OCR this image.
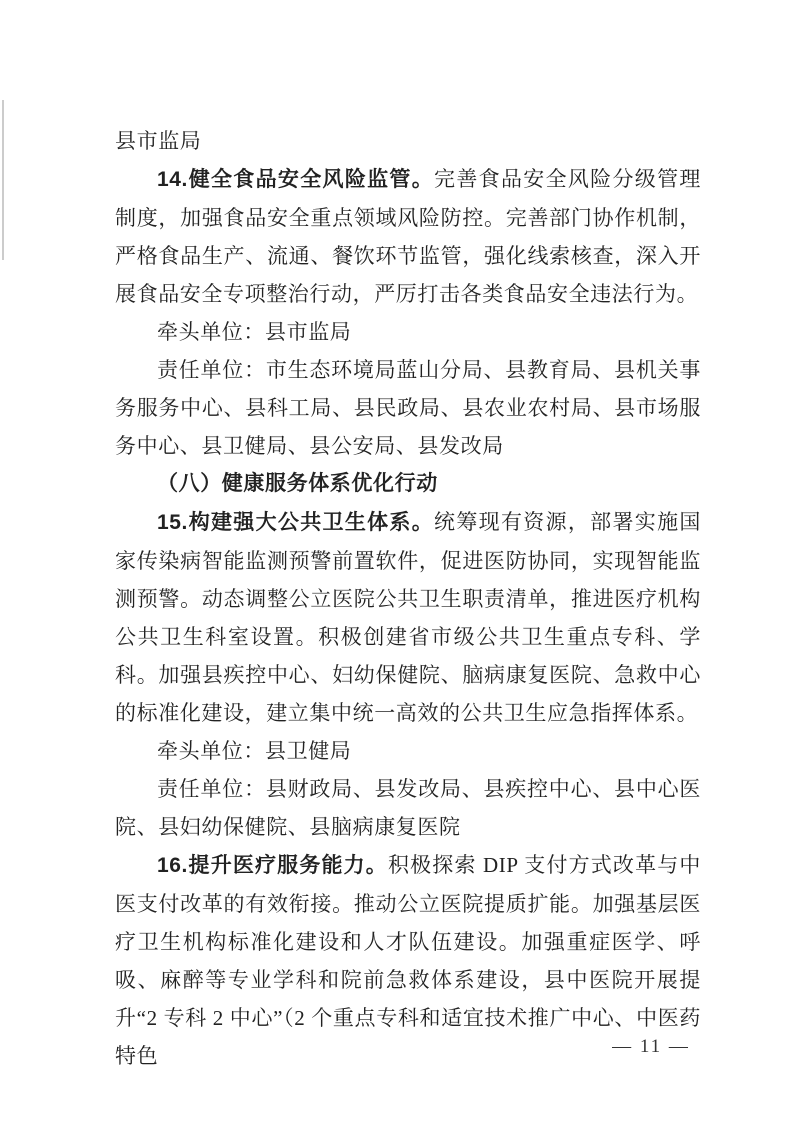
县市监局

14.健全食品安全风险监管。完善食品安全风险分级管理制度，加强食品安全重点领域风险防控。完善部门协作机制，严格食品生产、流通、餐饮环节监管，强化线索核查，深入开展食品安全专项整治行动，严厉打击各类食品安全违法行为。

牵头单位：县市监局

责任单位：市生态环境局蓝山分局、县教育局、县机关事务服务中心、县科工局、县民政局、县农业农村局、县市场服务中心、县卫健局、县公安局、县发改局

（八）健康服务体系优化行动

15.构建强大公共卫生体系。统筹现有资源，部署实施国家传染病智能监测预警前置软件，促进医防协同，实现智能监测预警。动态调整公立医院公共卫生职责清单，推进医疗机构公共卫生科室设置。积极创建省市级公共卫生重点专科、学科。加强县疾控中心、妇幼保健院、脑病康复医院、急救中心的标准化建设，建立集中统一高效的公共卫生应急指挥体系。

牵头单位：县卫健局

责任单位：县财政局、县发改局、县疾控中心、县中心医院、县妇幼保健院、县脑病康复医院

16.提升医疗服务能力。积极探索 DIP 支付方式改革与中医支付改革的有效衔接。推动公立医院提质扩能。加强基层医疗卫生机构标准化建设和人才队伍建设。加强重症医学、呼吸、麻醉等专业学科和院前急救体系建设，县中医院开展提升“2 专科 2 中心”（2 个重点专科和适宜技术推广中心、中医药特色	— 11 —
